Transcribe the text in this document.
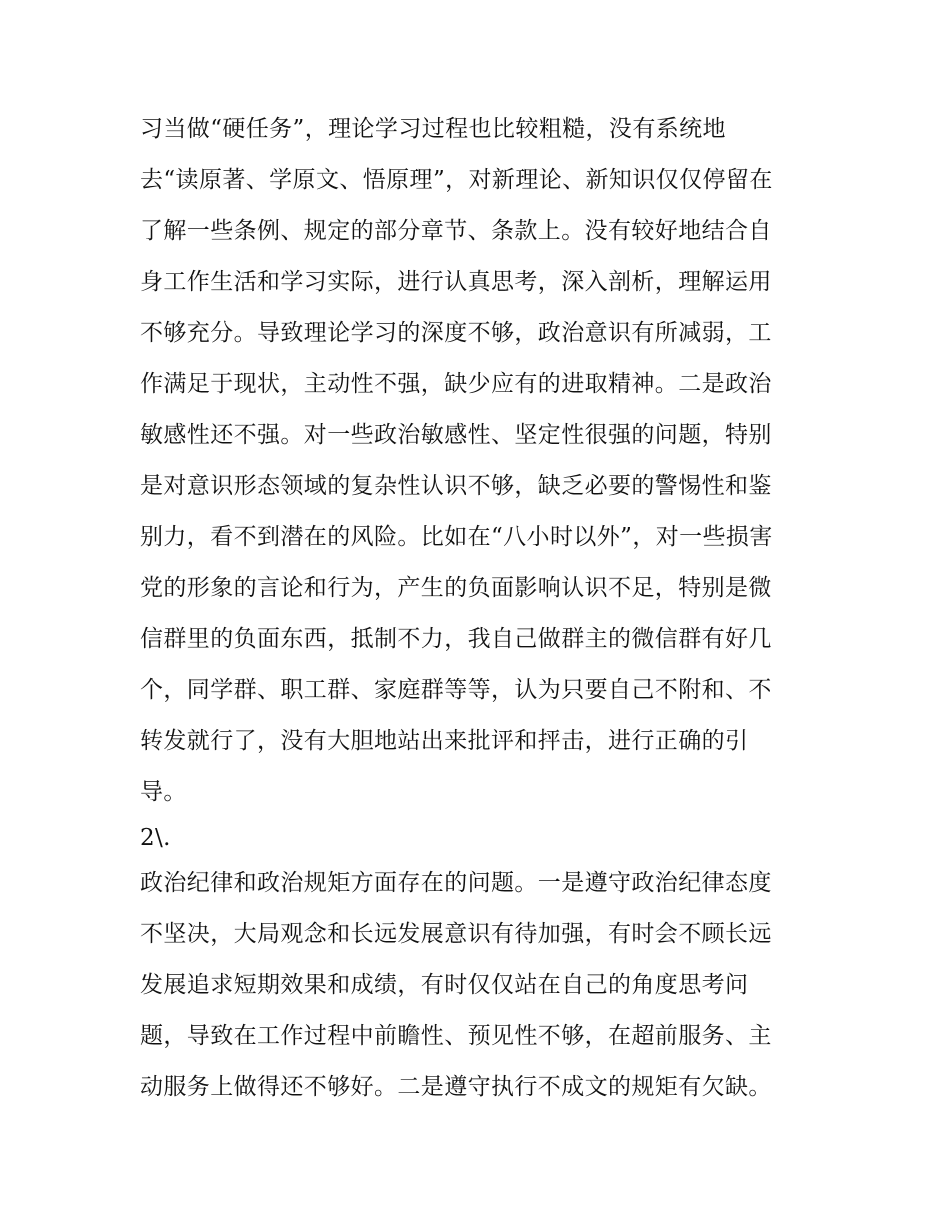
习当做“硬任务”，理论学习过程也比较粗糙，没有系统地
去“读原著、学原文、悟原理”，对新理论、新知识仅仅停留在
了解一些条例、规定的部分章节、条款上。没有较好地结合自
身工作生活和学习实际，进行认真思考，深入剖析，理解运用
不够充分。导致理论学习的深度不够，政治意识有所减弱，工
作满足于现状，主动性不强，缺少应有的进取精神。二是政治
敏感性还不强。对一些政治敏感性、坚定性很强的问题，特别
是对意识形态领域的复杂性认识不够，缺乏必要的警惕性和鉴
别力，看不到潜在的风险。比如在“八小时以外”，对一些损害
党的形象的言论和行为，产生的负面影响认识不足，特别是微
信群里的负面东西，抵制不力，我自己做群主的微信群有好几
个，同学群、职工群、家庭群等等，认为只要自己不附和、不
转发就行了，没有大胆地站出来批评和抨击，进行正确的引
导。
2\.
政治纪律和政治规矩方面存在的问题。一是遵守政治纪律态度
不坚决，大局观念和长远发展意识有待加强，有时会不顾长远
发展追求短期效果和成绩，有时仅仅站在自己的角度思考问
题，导致在工作过程中前瞻性、预见性不够，在超前服务、主
动服务上做得还不够好。二是遵守执行不成文的规矩有欠缺。
